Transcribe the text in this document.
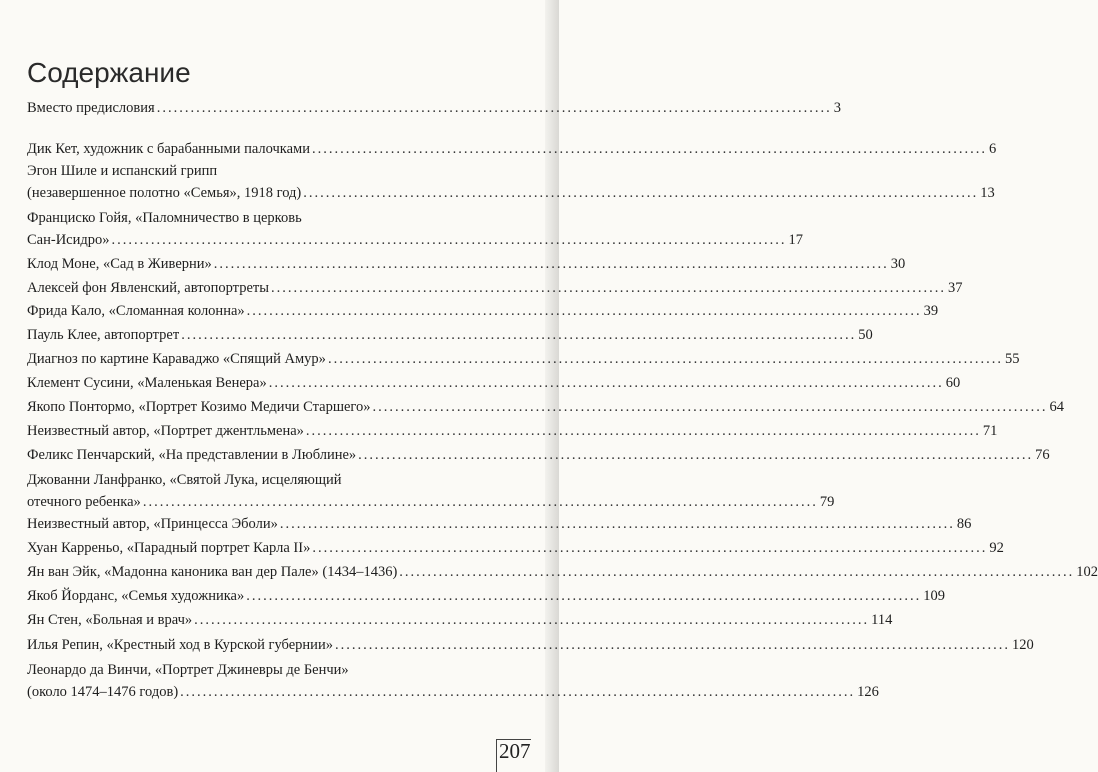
Содержание
Вместо предисловия ........................................................................................................................ 3
Дик Кет, художник с барабанными палочками ........................................................................................................................ 6
Эгон Шиле и испанский грипп
(незавершенное полотно «Семья», 1918 год) ........................................................................................................................ 13
Франциско Гойя, «Паломничество в церковь
Сан-Исидро» ........................................................................................................................ 17
Клод Моне, «Сад в Живерни» ........................................................................................................................ 30
Алексей фон Явленский, автопортреты ........................................................................................................................ 37
Фрида Кало, «Сломанная колонна» ........................................................................................................................ 39
Пауль Клее, автопортрет ........................................................................................................................ 50
Диагноз по картине Караваджо «Спящий Амур» ........................................................................................................................ 55
Клемент Сусини, «Маленькая Венера» ........................................................................................................................ 60
Якопо Понтормо, «Портрет Козимо Медичи Старшего» ........................................................................................................................ 64
Неизвестный автор, «Портрет джентльмена» ........................................................................................................................ 71
Феликс Пенчарский, «На представлении в Люблине» ........................................................................................................................ 76
Джованни Ланфранко, «Святой Лука, исцеляющий
отечного ребенка» ........................................................................................................................ 79
Неизвестный автор, «Принцесса Эболи» ........................................................................................................................ 86
Хуан Карреньо, «Парадный портрет Карла II» ........................................................................................................................ 92
Ян ван Эйк, «Мадонна каноника ван дер Пале» (1434–1436) ........................................................................................................................ 102
Якоб Йорданс, «Семья художника» ........................................................................................................................ 109
Ян Стен, «Больная и врач» ........................................................................................................................ 114
Илья Репин, «Крестный ход в Курской губернии» ........................................................................................................................ 120
Леонардо да Винчи, «Портрет Джиневры де Бенчи»
(около 1474–1476 годов) ........................................................................................................................ 126
207
